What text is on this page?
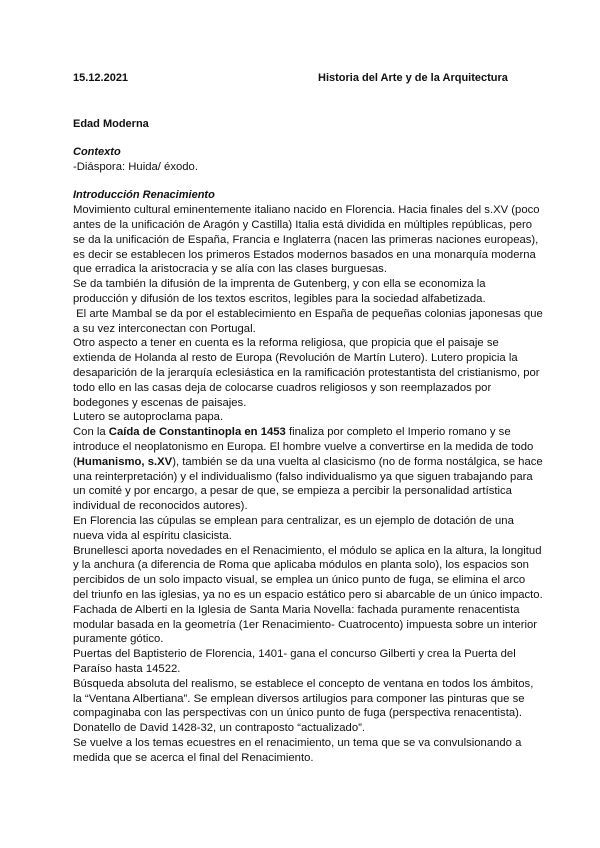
15.12.2021	Historia del Arte y de la Arquitectura
Edad Moderna
Contexto

-Diáspora: Huida/ éxodo.

Introducción Renacimiento

Movimiento cultural eminentemente italiano nacido en Florencia. Hacia finales del s.XV (poco antes de la unificación de Aragón y Castilla) Italia está dividida en múltiples repúblicas, pero se da la unificación de España, Francia e Inglaterra (nacen las primeras naciones europeas), es decir se establecen los primeros Estados modernos basados en una monarquía moderna que erradica la aristocracia y se alía con las clases burguesas.

Se da también la difusión de la imprenta de Gutenberg, y con ella se economiza la producción y difusión de los textos escritos, legibles para la sociedad alfabetizada.

El arte Mambal se da por el establecimiento en España de pequeñas colonias japonesas que a su vez interconectan con Portugal.

Otro aspecto a tener en cuenta es la reforma religiosa, que propicia que el paisaje se extienda de Holanda al resto de Europa (Revolución de Martín Lutero). Lutero propicia la desaparición de la jerarquía eclesiástica en la ramificación protestantista del cristianismo, por todo ello en las casas deja de colocarse cuadros religiosos y son reemplazados por bodegones y escenas de paisajes.

Lutero se autoproclama papa.

Con la Caída de Constantinopla en 1453 finaliza por completo el Imperio romano y se introduce el neoplatonismo en Europa. El hombre vuelve a convertirse en la medida de todo (Humanismo, s.XV), también se da una vuelta al clasicismo (no de forma nostálgica, se hace una reinterpretación) y el individualismo (falso individualismo ya que siguen trabajando para un comité y por encargo, a pesar de que, se empieza a percibir la personalidad artística individual de reconocidos autores).

En Florencia las cúpulas se emplean para centralizar, es un ejemplo de dotación de una nueva vida al espíritu clasicista.

Brunellesci aporta novedades en el Renacimiento, el módulo se aplica en la altura, la longitud y la anchura (a diferencia de Roma que aplicaba módulos en planta solo), los espacios son percibidos de un solo impacto visual, se emplea un único punto de fuga, se elimina el arco del triunfo en las iglesias, ya no es un espacio estático pero si abarcable de un único impacto.

Fachada de Alberti en la Iglesia de Santa Maria Novella: fachada puramente renacentista modular basada en la geometría (1er Renacimiento- Cuatrocento) impuesta sobre un interior puramente gótico.

Puertas del Baptisterio de Florencia, 1401- gana el concurso Gilberti y crea la Puerta del Paraíso hasta 14522.

Búsqueda absoluta del realismo, se establece el concepto de ventana en todos los ámbitos, la “Ventana Albertiana”. Se emplean diversos artilugios para componer las pinturas que se compaginaba con las perspectivas con un único punto de fuga (perspectiva renacentista).

Donatello de David 1428-32, un contraposto “actualizado”.

Se vuelve a los temas ecuestres en el renacimiento, un tema que se va convulsionando a medida que se acerca el final del Renacimiento.
